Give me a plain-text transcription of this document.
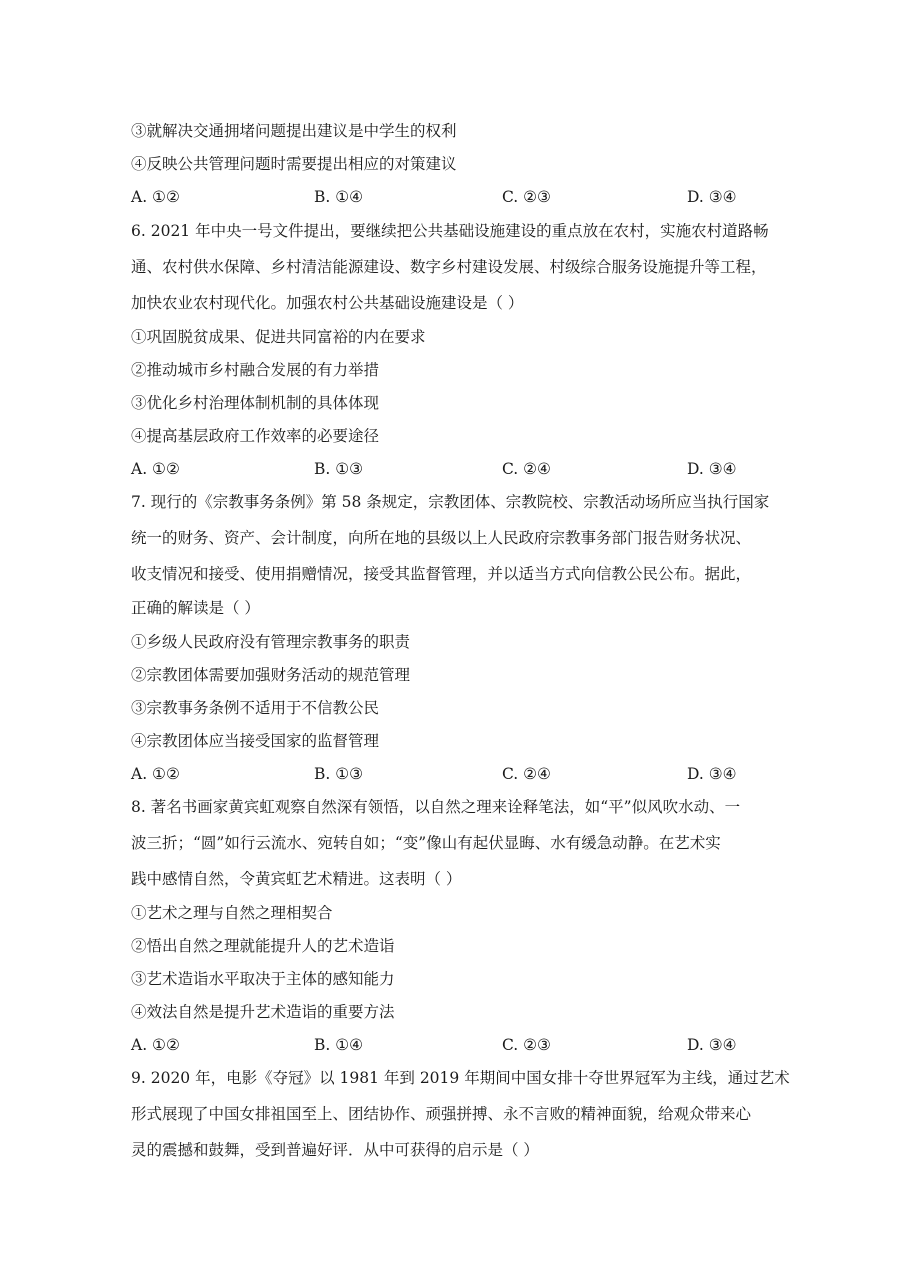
③就解决交通拥堵问题提出建议是中学生的权利
④反映公共管理问题时需要提出相应的对策建议
A. ①②	B. ①④	C. ②③	D. ③④
6. 2021 年中央一号文件提出，要继续把公共基础设施建设的重点放在农村，实施农村道路畅
通、农村供水保障、乡村清洁能源建设、数字乡村建设发展、村级综合服务设施提升等工程，
加快农业农村现代化。加强农村公共基础设施建设是（ ）
①巩固脱贫成果、促进共同富裕的内在要求
②推动城市乡村融合发展的有力举措
③优化乡村治理体制机制的具体体现
④提高基层政府工作效率的必要途径
A. ①②	B. ①③	C. ②④	D. ③④
7. 现行的《宗教事务条例》第 58 条规定，宗教团体、宗教院校、宗教活动场所应当执行国家
统一的财务、资产、会计制度，向所在地的县级以上人民政府宗教事务部门报告财务状况、
收支情况和接受、使用捐赠情况，接受其监督管理，并以适当方式向信教公民公布。据此，
正确的解读是（ ）
①乡级人民政府没有管理宗教事务的职责
②宗教团体需要加强财务活动的规范管理
③宗教事务条例不适用于不信教公民
④宗教团体应当接受国家的监督管理
A. ①②	B. ①③	C. ②④	D. ③④
8. 著名书画家黄宾虹观察自然深有领悟，以自然之理来诠释笔法，如“平”似风吹水动、一
波三折；“圆”如行云流水、宛转自如；“变”像山有起伏显晦、水有缓急动静。在艺术实
践中感情自然，令黄宾虹艺术精进。这表明（ ）
①艺术之理与自然之理相契合
②悟出自然之理就能提升人的艺术造诣
③艺术造诣水平取决于主体的感知能力
④效法自然是提升艺术造诣的重要方法
A. ①②	B. ①④	C. ②③	D. ③④
9. 2020 年，电影《夺冠》以 1981 年到 2019 年期间中国女排十夺世界冠军为主线，通过艺术
形式展现了中国女排祖国至上、团结协作、顽强拼搏、永不言败的精神面貌，给观众带来心
灵的震撼和鼓舞，受到普遍好评．从中可获得的启示是（ ）
